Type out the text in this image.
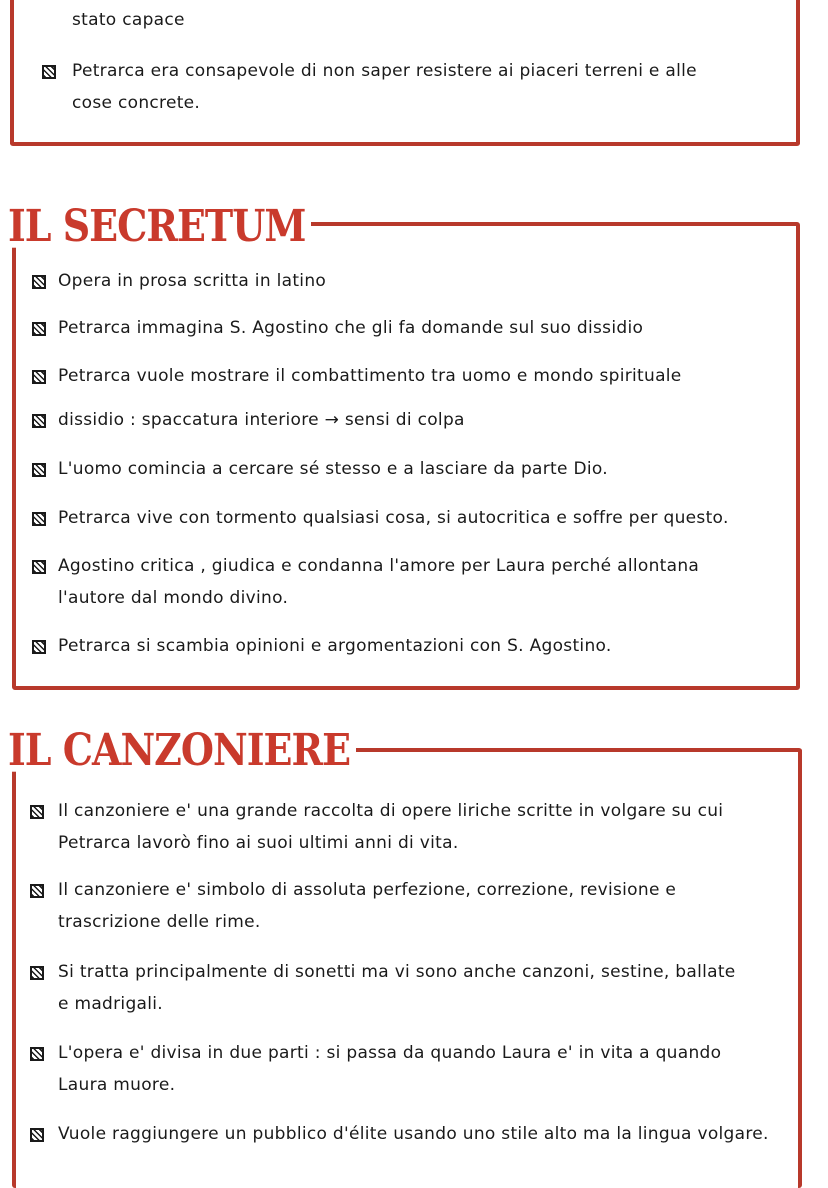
stato capace
Petrarca era consapevole di non saper resistere ai piaceri terreni e alle
cose concrete.
IL SECRETUM
Opera in prosa scritta in latino
Petrarca immagina S. Agostino che gli fa domande sul suo dissidio
Petrarca vuole mostrare il combattimento tra uomo e mondo spirituale
dissidio : spaccatura interiore → sensi di colpa
L'uomo comincia a cercare sé stesso e a lasciare da parte Dio.
Petrarca vive con tormento qualsiasi cosa, si autocritica e soffre per questo.
Agostino critica , giudica e condanna l'amore per Laura perché allontana
l'autore dal mondo divino.
Petrarca si scambia opinioni e argomentazioni con S. Agostino.
IL CANZONIERE
Il canzoniere e' una grande raccolta di opere liriche scritte in volgare su cui
Petrarca lavorò fino ai suoi ultimi anni di vita.
Il canzoniere e' simbolo di assoluta perfezione, correzione, revisione e
trascrizione delle rime.
Si tratta principalmente di sonetti ma vi sono anche canzoni, sestine, ballate
e madrigali.
L'opera e' divisa in due parti : si passa da quando Laura e' in vita a quando
Laura muore.
Vuole raggiungere un pubblico d'élite usando uno stile alto ma la lingua volgare.
